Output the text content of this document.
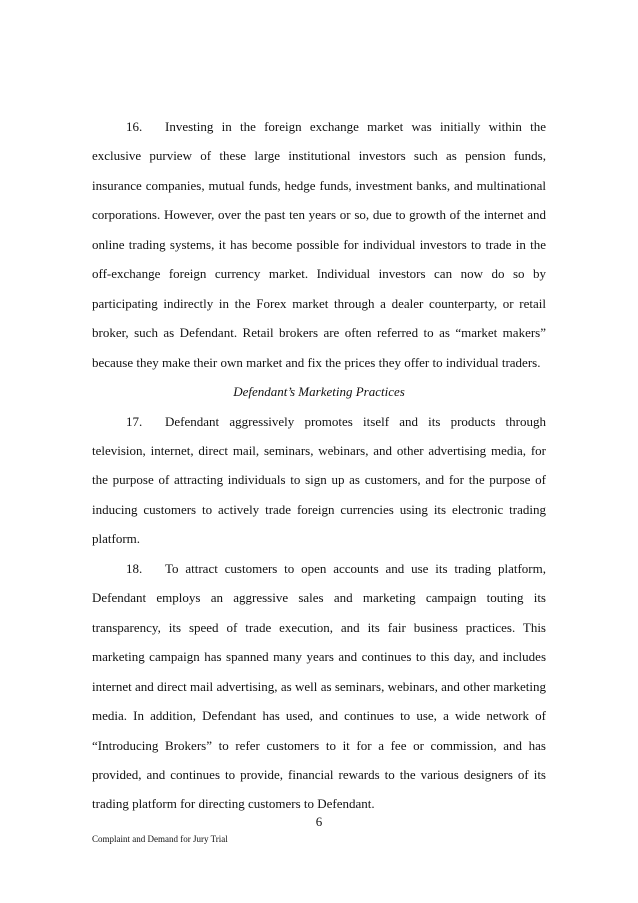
16. Investing in the foreign exchange market was initially within the exclusive purview of these large institutional investors such as pension funds, insurance companies, mutual funds, hedge funds, investment banks, and multinational corporations. However, over the past ten years or so, due to growth of the internet and online trading systems, it has become possible for individual investors to trade in the off-exchange foreign currency market. Individual investors can now do so by participating indirectly in the Forex market through a dealer counterparty, or retail broker, such as Defendant. Retail brokers are often referred to as “market makers” because they make their own market and fix the prices they offer to individual traders.

Defendant’s Marketing Practices

17. Defendant aggressively promotes itself and its products through television, internet, direct mail, seminars, webinars, and other advertising media, for the purpose of attracting individuals to sign up as customers, and for the purpose of inducing customers to actively trade foreign currencies using its electronic trading platform.

18. To attract customers to open accounts and use its trading platform, Defendant employs an aggressive sales and marketing campaign touting its transparency, its speed of trade execution, and its fair business practices. This marketing campaign has spanned many years and continues to this day, and includes internet and direct mail advertising, as well as seminars, webinars, and other marketing media. In addition, Defendant has used, and continues to use, a wide network of “Introducing Brokers” to refer customers to it for a fee or commission, and has provided, and continues to provide, financial rewards to the various designers of its trading platform for directing customers to Defendant.

6
Complaint and Demand for Jury Trial
